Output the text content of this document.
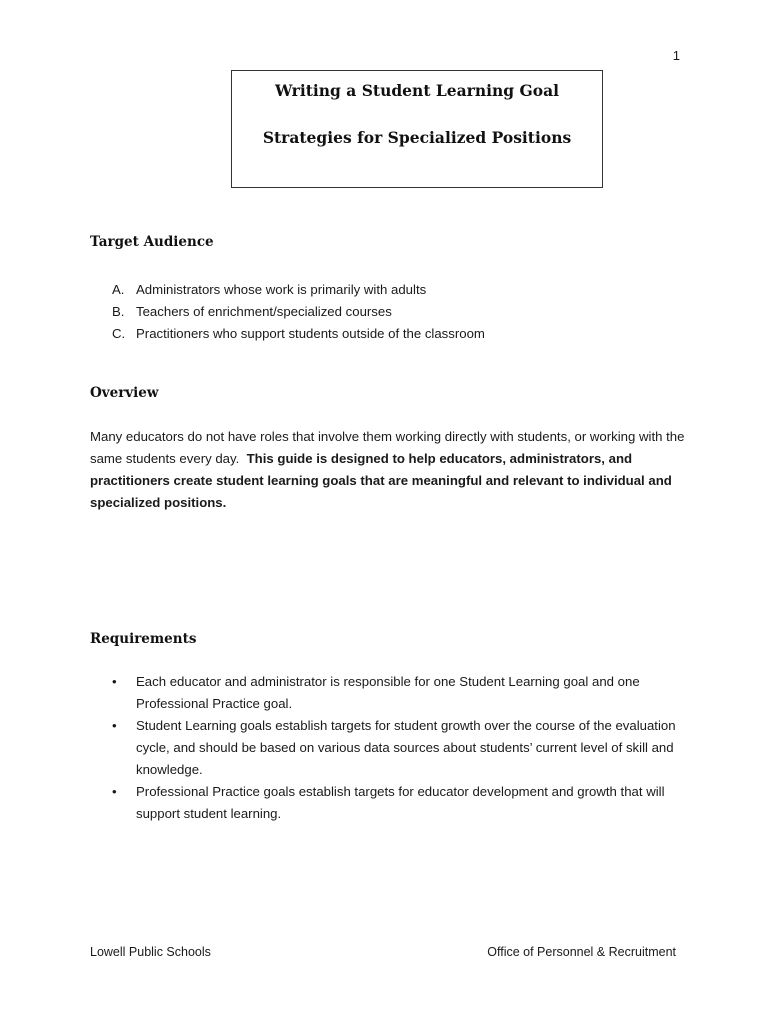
1
Writing a Student Learning Goal
Strategies for Specialized Positions
Target Audience
A. Administrators whose work is primarily with adults
B. Teachers of enrichment/specialized courses
C. Practitioners who support students outside of the classroom
Overview

Many educators do not have roles that involve them working directly with students, or working with the same students every day. This guide is designed to help educators, administrators, and practitioners create student learning goals that are meaningful and relevant to individual and specialized positions.

Requirements
• Each educator and administrator is responsible for one Student Learning goal and one Professional Practice goal.
• Student Learning goals establish targets for student growth over the course of the evaluation cycle, and should be based on various data sources about students’ current level of skill and knowledge.
• Professional Practice goals establish targets for educator development and growth that will support student learning.
Lowell Public Schools	Office of Personnel & Recruitment
